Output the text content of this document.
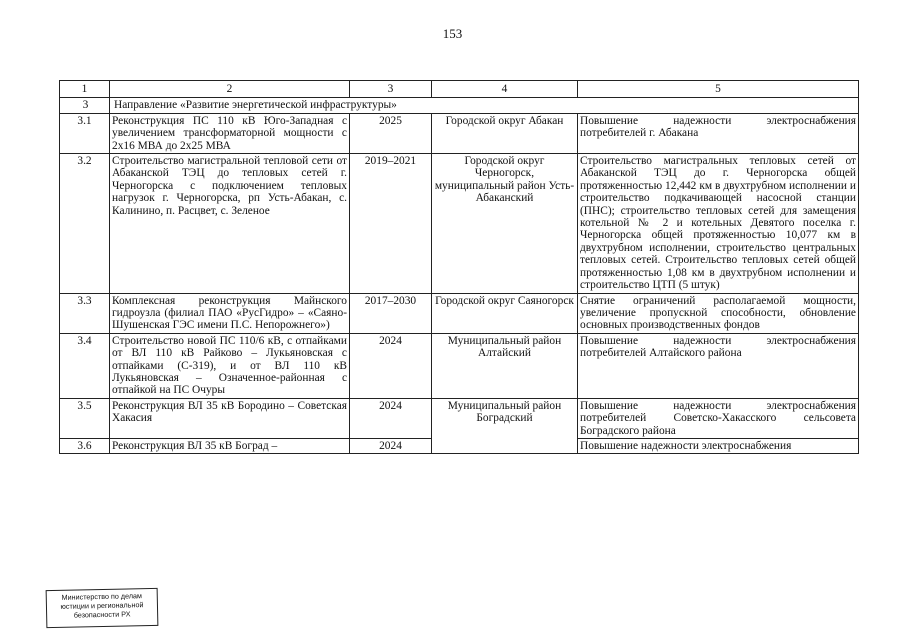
153
1	2	3	4	5
3	Направление «Развитие энергетической инфраструктуры»			
3.1	Реконструкция ПС 110 кВ Юго-Западная с увеличением трансформаторной мощности с 2х16 МВА до 2х25 МВА	2025	Городской округ Абакан	Повышение надежности электроснабжения потребителей г. Абакана
3.2	Строительство магистральной тепловой сети от Абаканской ТЭЦ до тепловых сетей г. Черногорска с подключением тепловых нагрузок г. Черногорска, рп Усть-Абакан, с. Калинино, п. Расцвет, с. Зеленое	2019–2021	Городской округ Черногорск, муниципальный район Усть-Абаканский	Строительство магистральных тепловых сетей от Абаканской ТЭЦ до г. Черногорска общей протяженностью 12,442 км в двухтрубном исполнении и строительство подкачивающей насосной станции (ПНС); строительство тепловых сетей для замещения котельной № 2 и котельных Девятого поселка г. Черногорска общей протяженностью 10,077 км в двухтрубном исполнении, строительство центральных тепловых сетей. Строительство тепловых сетей общей протяженностью 1,08 км в двухтрубном исполнении и строительство ЦТП (5 штук)
3.3	Комплексная реконструкция Майнского гидроузла (филиал ПАО «РусГидро» – «Саяно-Шушенская ГЭС имени П.С. Непорожнего»)	2017–2030	Городской округ Саяногорск	Снятие ограничений располагаемой мощности, увеличение пропускной способности, обновление основных производственных фондов
3.4	Строительство новой ПС 110/6 кВ, с отпайками от ВЛ 110 кВ Райково – Лукьяновская с отпайками (С-319), и от ВЛ 110 кВ Лукьяновская – Означенное-районная с отпайкой на ПС Очуры	2024	Муниципальный район Алтайский	Повышение надежности электроснабжения потребителей Алтайского района
3.5	Реконструкция ВЛ 35 кВ Бородино – Советская Хакасия	2024	Муниципальный район Боградский	Повышение надежности электроснабжения потребителей Советско-Хакасского сельсовета Боградского района
3.6	Реконструкция ВЛ 35 кВ Боград –	2024		Повышение надежности электроснабжения
Министерство по делам
юстиции и региональной
безопасности РХ
